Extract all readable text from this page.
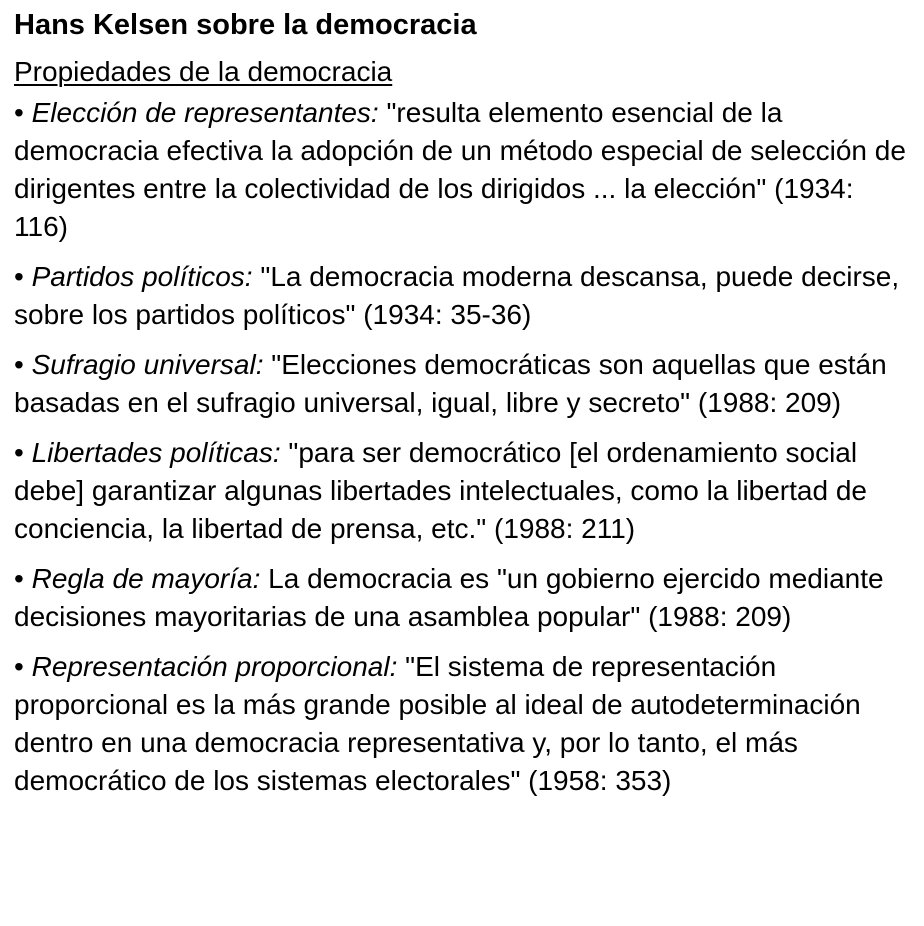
Hans Kelsen sobre la democracia
Propiedades de la democracia
• Elección de representantes: "resulta elemento esencial de la democracia efectiva la adopción de un método especial de selección de dirigentes entre la colectividad de los dirigidos ... la elección" (1934: 116)
• Partidos políticos: "La democracia moderna descansa, puede decirse, sobre los partidos políticos" (1934: 35-36)
• Sufragio universal: "Elecciones democráticas son aquellas que están basadas en el sufragio universal, igual, libre y secreto" (1988: 209)
• Libertades políticas: "para ser democrático [el ordenamiento social debe] garantizar algunas libertades intelectuales, como la libertad de conciencia, la libertad de prensa, etc." (1988: 211)
• Regla de mayoría: La democracia es "un gobierno ejercido mediante decisiones mayoritarias de una asamblea popular" (1988: 209)
• Representación proporcional: "El sistema de representación proporcional es la más grande posible al ideal de autodeterminación dentro en una democracia representativa y, por lo tanto, el más democrático de los sistemas electorales" (1958: 353)
